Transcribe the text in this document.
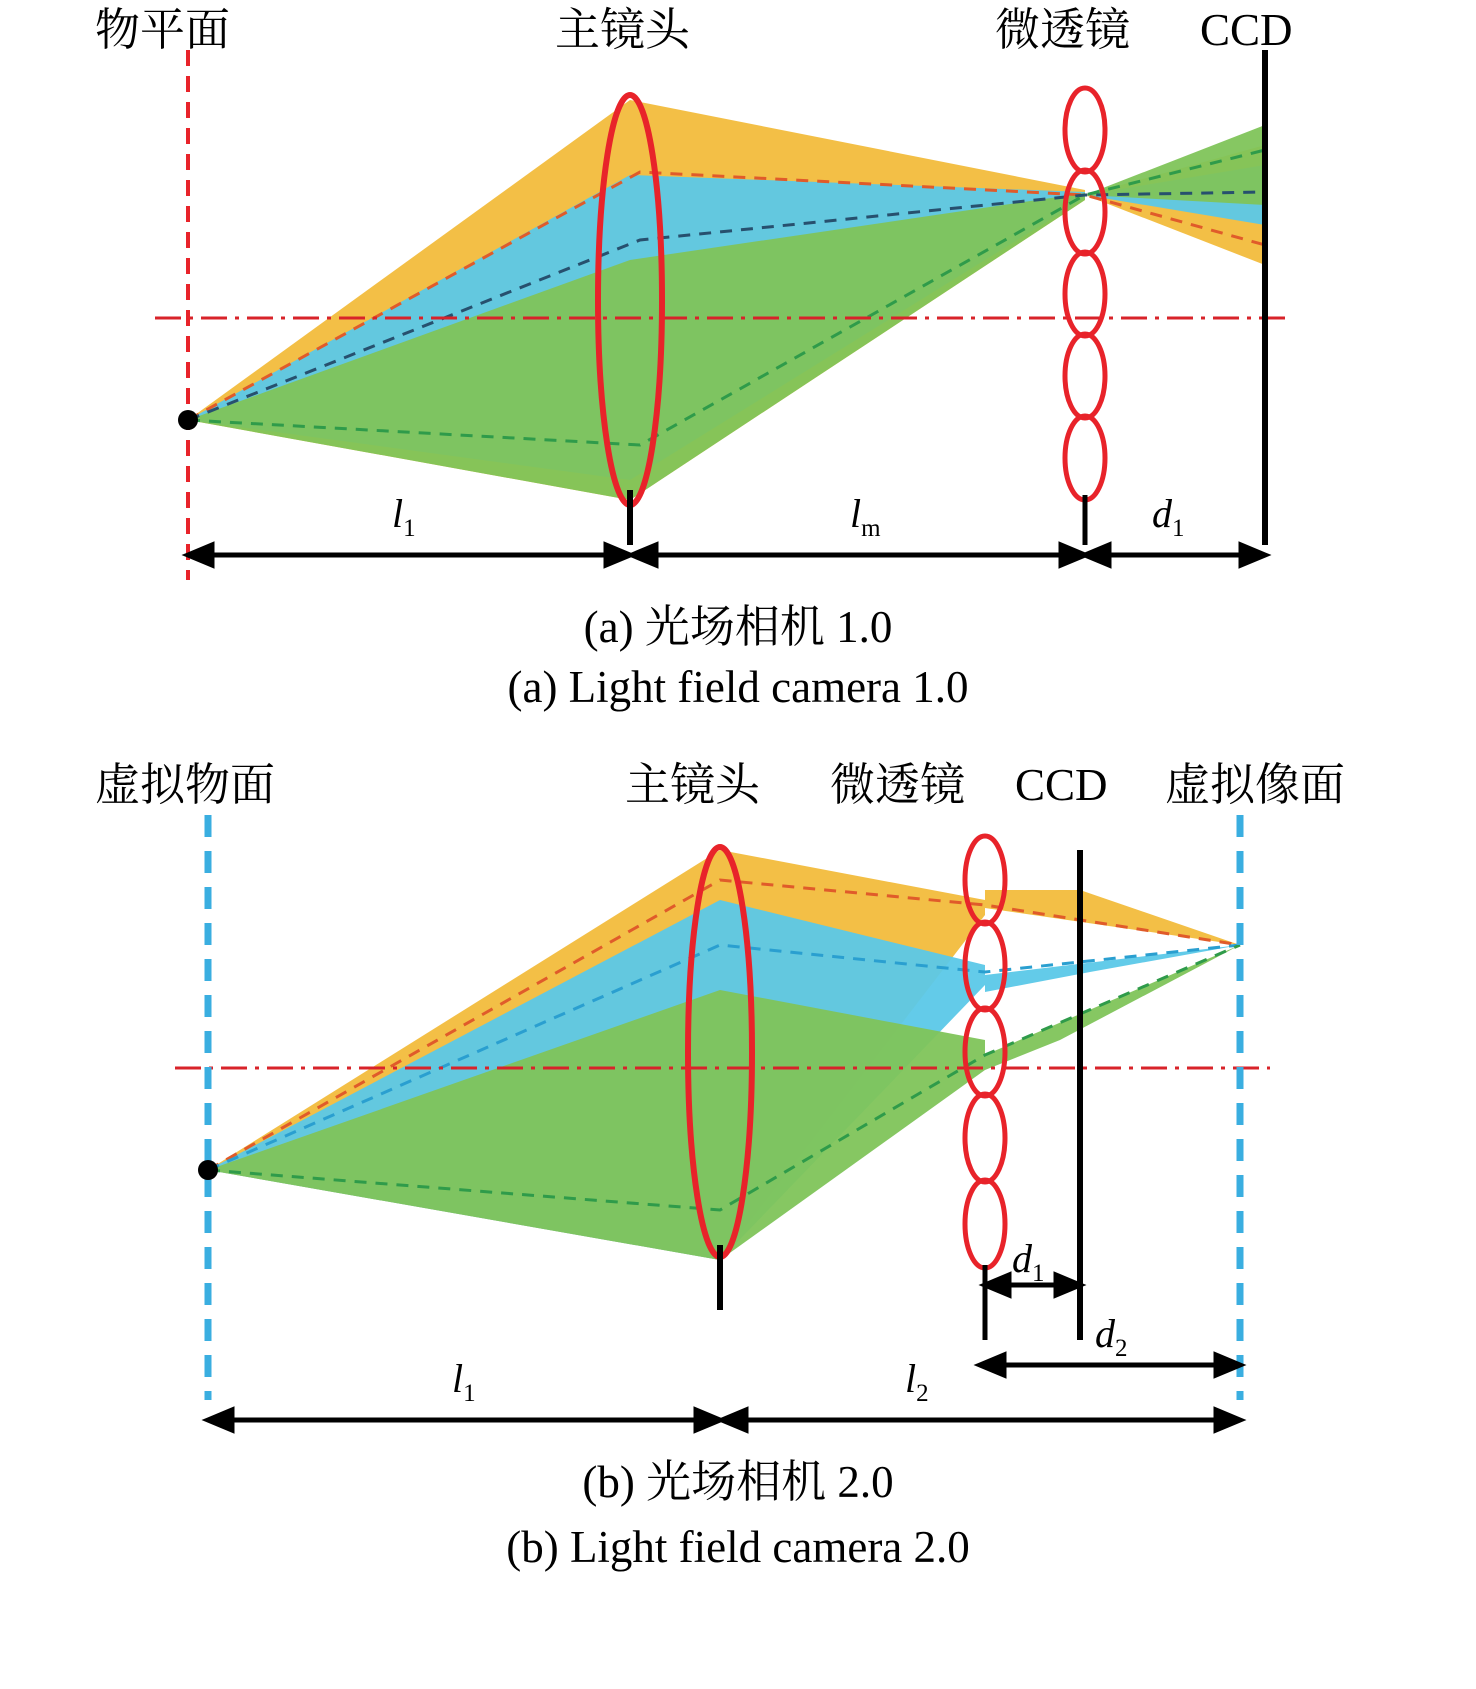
物平面	主镜头	微透镜 CCD
$l_1$	$l_m$	$d_1$
(a) 光场相机 1.0
(a) Light field camera 1.0
虚拟物面	主镜头 微透镜 CCD 虚拟像面
$l_1$	$l_2$
$d_1$
$d_2$
(b) 光场相机 2.0
(b) Light field camera 2.0
